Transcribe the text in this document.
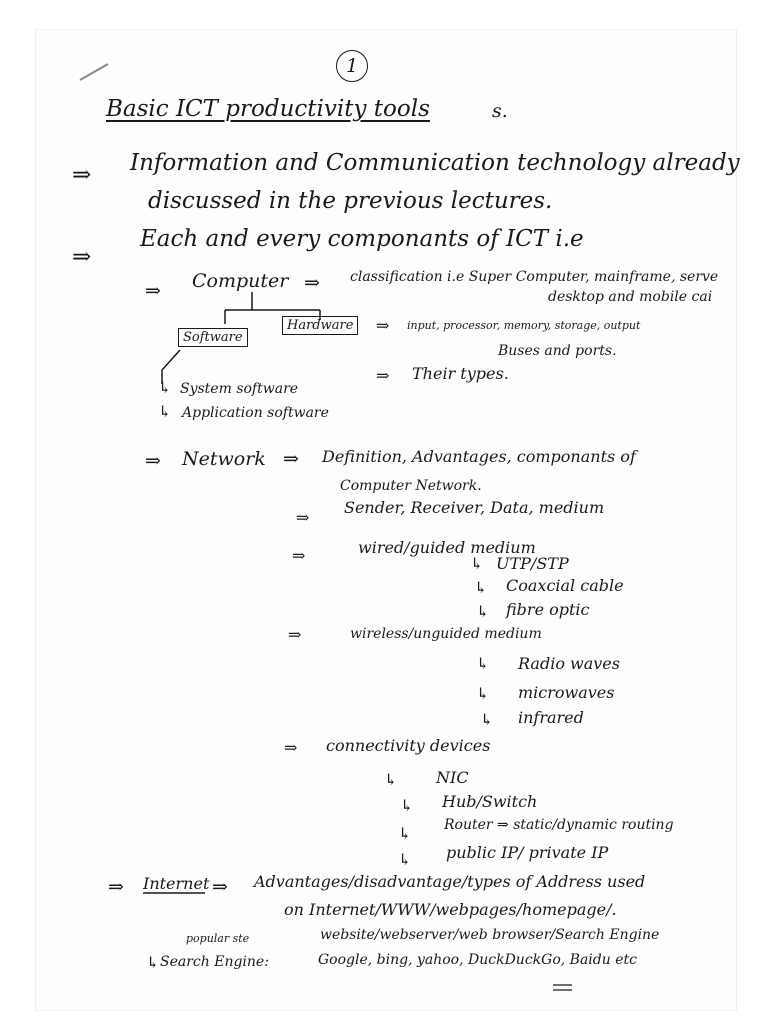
1
Basic ICT productivity tools	s.
⇒ Information and Communication technology already
discussed in the previous lectures.
⇒
Each and every componants of ICT i.e
⇒ Computer ⇒ classification i.e Super Computer, mainframe, serve
desktop and mobile cai
Software
Hardware	⇒ input, processor, memory, storage, output
Buses and ports.
⇒ Their types.
↳ System software
↳ Application software
⇒ Network ⇒ Definition, Advantages, componants of
Computer Network.
⇒
Sender, Receiver, Data, medium
⇒	wired/guided medium
↳ UTP/STP
↳ Coaxcial cable
↳ fibre optic
⇒	wireless/unguided medium
↳ Radio waves
↳ microwaves
↳ infrared
⇒ connectivity devices
↳ NIC
↳ Hub/Switch
↳ Router ⇒ static/dynamic routing
↳ public IP/ private IP
⇒ Internet ⇒ Advantages/disadvantage/types of Address used
on Internet/WWW/webpages/homepage/.
website/webserver/web browser/Search Engine
popular ste
↳ Search Engine:	Google, bing, yahoo, DuckDuckGo, Baidu etc
